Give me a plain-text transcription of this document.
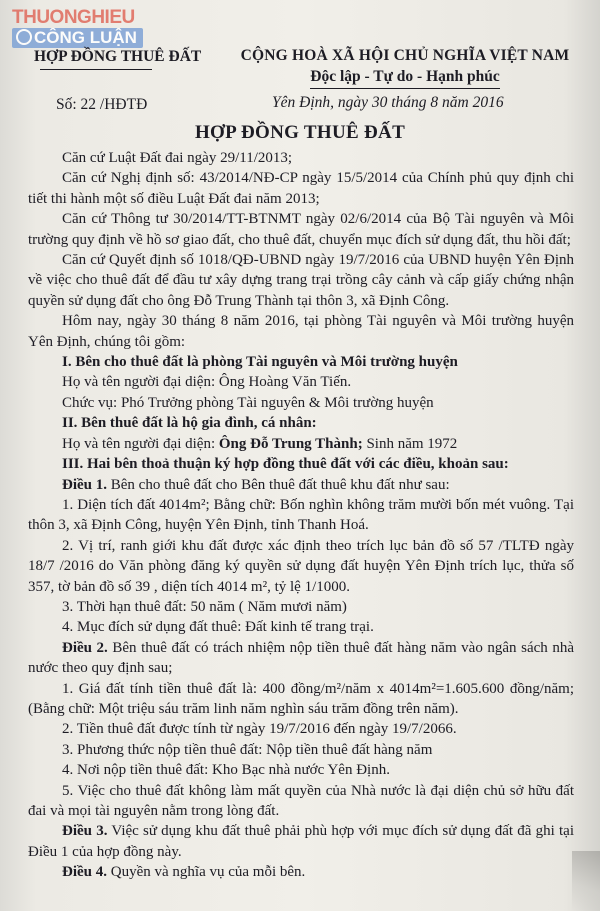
THUONGHIEU
CÔNG LUẬN
HỢP ĐỒNG THUÊ ĐẤT	CỘNG HOÀ XÃ HỘI CHỦ NGHĨA VIỆT NAM
Độc lập - Tự do - Hạnh phúc
Số: 22 /HĐTĐ	Yên Định, ngày 30 tháng 8 năm 2016
HỢP ĐỒNG THUÊ ĐẤT

Căn cứ Luật Đất đai ngày 29/11/2013;

Căn cứ Nghị định số: 43/2014/NĐ-CP ngày 15/5/2014 của Chính phủ quy định chi tiết thi hành một số điều Luật Đất đai năm 2013;

Căn cứ Thông tư 30/2014/TT-BTNMT ngày 02/6/2014 của Bộ Tài nguyên và Môi trường quy định về hồ sơ giao đất, cho thuê đất, chuyển mục đích sử dụng đất, thu hồi đất;

Căn cứ Quyết định số 1018/QĐ-UBND ngày 19/7/2016 của UBND huyện Yên Định về việc cho thuê đất để đầu tư xây dựng trang trại trồng cây cảnh và cấp giấy chứng nhận quyền sử dụng đất cho ông Đỗ Trung Thành tại thôn 3, xã Định Công.

Hôm nay, ngày 30 tháng 8 năm 2016, tại phòng Tài nguyên và Môi trường huyện Yên Định, chúng tôi gồm:

I. Bên cho thuê đất là phòng Tài nguyên và Môi trường huyện

Họ và tên người đại diện: Ông Hoàng Văn Tiến.

Chức vụ: Phó Trưởng phòng Tài nguyên & Môi trường huyện

II. Bên thuê đất là hộ gia đình, cá nhân:

Họ và tên người đại diện: Ông Đỗ Trung Thành; Sinh năm 1972

III. Hai bên thoả thuận ký hợp đồng thuê đất với các điều, khoản sau:

Điều 1. Bên cho thuê đất cho Bên thuê đất thuê khu đất như sau:

1. Diện tích đất 4014m²; Bằng chữ: Bốn nghìn không trăm mười bốn mét vuông. Tại thôn 3, xã Định Công, huyện Yên Định, tỉnh Thanh Hoá.

2. Vị trí, ranh giới khu đất được xác định theo trích lục bản đồ số 57 /TLTĐ ngày 18/7 /2016 do Văn phòng đăng ký quyền sử dụng đất huyện Yên Định trích lục, thửa số 357, tờ bản đồ số 39 , diện tích 4014 m², tỷ lệ 1/1000.

3. Thời hạn thuê đất: 50 năm ( Năm mươi năm)

4. Mục đích sử dụng đất thuê: Đất kinh tế trang trại.

Điều 2. Bên thuê đất có trách nhiệm nộp tiền thuê đất hàng năm vào ngân sách nhà nước theo quy định sau;

1. Giá đất tính tiền thuê đất là: 400 đồng/m²/năm x 4014m²=1.605.600 đồng/năm; (Bằng chữ: Một triệu sáu trăm linh năm nghìn sáu trăm đồng trên năm).

2. Tiền thuê đất được tính từ ngày 19/7/2016 đến ngày 19/7/2066.

3. Phương thức nộp tiền thuê đất: Nộp tiền thuê đất hàng năm

4. Nơi nộp tiền thuê đất: Kho Bạc nhà nước Yên Định.

5. Việc cho thuê đất không làm mất quyền của Nhà nước là đại diện chủ sở hữu đất đai và mọi tài nguyên nằm trong lòng đất.

Điều 3. Việc sử dụng khu đất thuê phải phù hợp với mục đích sử dụng đất đã ghi tại Điều 1 của hợp đồng này.

Điều 4. Quyền và nghĩa vụ của mỗi bên.
